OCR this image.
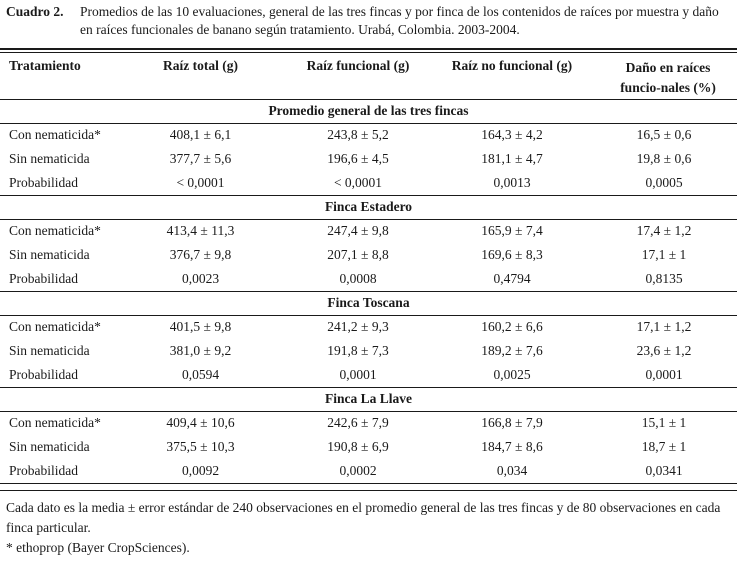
Cuadro 2. Promedios de las 10 evaluaciones, general de las tres fincas y por finca de los contenidos de raíces por muestra y daño en raíces funcionales de banano según tratamiento. Urabá, Colombia. 2003-2004.
Tratamiento	Raíz total (g)	Raíz funcional (g)	Raíz no funcional (g)	Daño en raíces funcio-nales (%)
Promedio general de las tres fincas				
Con nematicida*	408,1 ± 6,1	243,8 ± 5,2	164,3 ± 4,2	16,5 ± 0,6
Sin nematicida	377,7 ± 5,6	196,6 ± 4,5	181,1 ± 4,7	19,8 ± 0,6
Probabilidad	< 0,0001	< 0,0001	0,0013	0,0005
Finca Estadero				
Con nematicida*	413,4 ± 11,3	247,4 ± 9,8	165,9 ± 7,4	17,4 ± 1,2
Sin nematicida	376,7 ± 9,8	207,1 ± 8,8	169,6 ± 8,3	17,1 ± 1
Probabilidad	0,0023	0,0008	0,4794	0,8135
Finca Toscana				
Con nematicida*	401,5 ± 9,8	241,2 ± 9,3	160,2 ± 6,6	17,1 ± 1,2
Sin nematicida	381,0 ± 9,2	191,8 ± 7,3	189,2 ± 7,6	23,6 ± 1,2
Probabilidad	0,0594	0,0001	0,0025	0,0001
Finca La Llave				
Con nematicida*	409,4 ± 10,6	242,6 ± 7,9	166,8 ± 7,9	15,1 ± 1
Sin nematicida	375,5 ± 10,3	190,8 ± 6,9	184,7 ± 8,6	18,7 ± 1
Probabilidad	0,0092	0,0002	0,034	0,0341
Cada dato es la media ± error estándar de 240 observaciones en el promedio general de las tres fincas y de 80 observaciones en cada finca particular.
* ethoprop (Bayer CropSciences).
